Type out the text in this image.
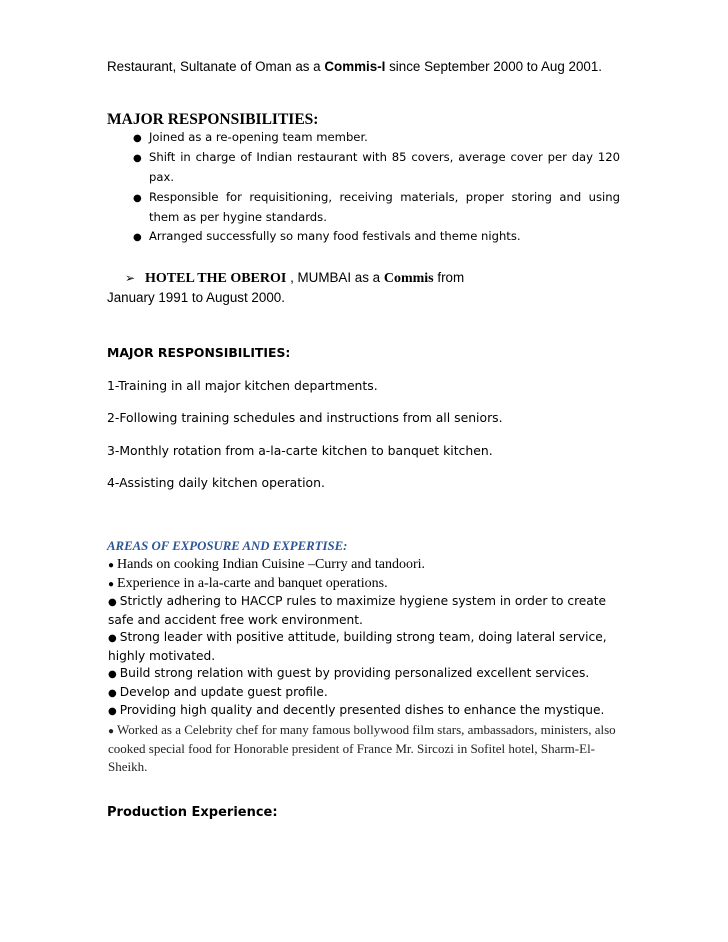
Restaurant, Sultanate of Oman as a Commis-I since September 2000 to Aug 2001.

MAJOR RESPONSIBILITIES:
● Joined as a re-opening team member.
● Shift in charge of Indian restaurant with 85 covers, average cover per day 120 pax.
● Responsible for requisitioning, receiving materials, proper storing and using them as per hygine standards.
● Arranged successfully so many food festivals and theme nights.

➢ HOTEL THE OBEROI , MUMBAI as a Commis from
January 1991 to August 2000.

MAJOR RESPONSIBILITIES:

1-Training in all major kitchen departments.

2-Following training schedules and instructions from all seniors.

3-Monthly rotation from a-la-carte kitchen to banquet kitchen.

4-Assisting daily kitchen operation.

AREAS OF EXPOSURE AND EXPERTISE:
● Hands on cooking Indian Cuisine –Curry and tandoori.
● Experience in a-la-carte and banquet operations.
● Strictly adhering to HACCP rules to maximize hygiene system in order to create safe and accident free work environment.
● Strong leader with positive attitude, building strong team, doing lateral service, highly motivated.
● Build strong relation with guest by providing personalized excellent services.
● Develop and update guest profile.
● Providing high quality and decently presented dishes to enhance the mystique.
● Worked as a Celebrity chef for many famous bollywood film stars, ambassadors, ministers, also cooked special food for Honorable president of France Mr. Sircozi in Sofitel hotel, Sharm-El-Sheikh.
Production Experience:
